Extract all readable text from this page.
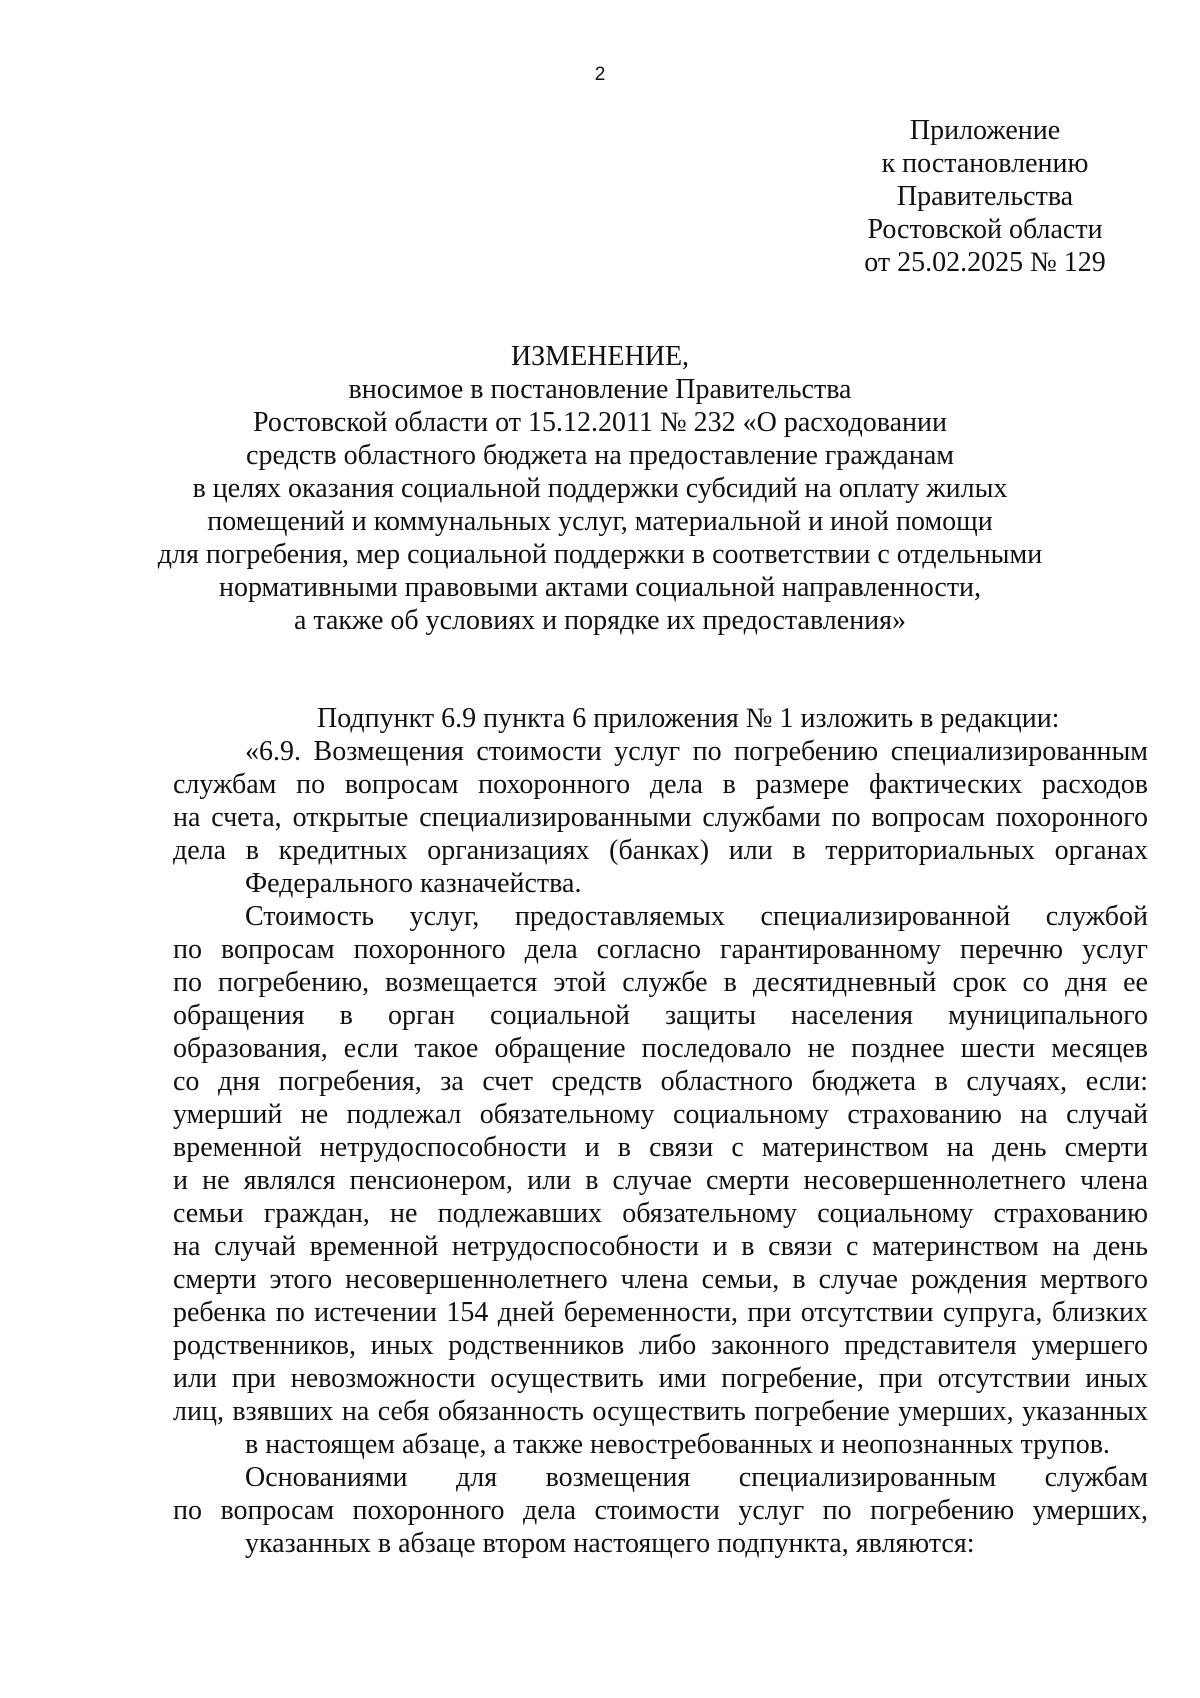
2
Приложение
к постановлению
Правительства
Ростовской области
от 25.02.2025 № 129
ИЗМЕНЕНИЕ,
вносимое в постановление Правительства
Ростовской области от 15.12.2011 № 232 «О расходовании
средств областного бюджета на предоставление гражданам
в целях оказания социальной поддержки субсидий на оплату жилых
помещений и коммунальных услуг, материальной и иной помощи
для погребения, мер социальной поддержки в соответствии с отдельными
нормативными правовыми актами социальной направленности,
а также об условиях и порядке их предоставления»
Подпункт 6.9 пункта 6 приложения № 1 изложить в редакции:
«6.9. Возмещения стоимости услуг по погребению специализированным
службам по вопросам похоронного дела в размере фактических расходов
на счета, открытые специализированными службами по вопросам похоронного
дела в кредитных организациях (банках) или в территориальных органах
Федерального казначейства.
Стоимость услуг, предоставляемых специализированной службой
по вопросам похоронного дела согласно гарантированному перечню услуг
по погребению, возмещается этой службе в десятидневный срок со дня ее
обращения в орган социальной защиты населения муниципального
образования, если такое обращение последовало не позднее шести месяцев
со дня погребения, за счет средств областного бюджета в случаях, если:
умерший не подлежал обязательному социальному страхованию на случай
временной нетрудоспособности и в связи с материнством на день смерти
и не являлся пенсионером, или в случае смерти несовершеннолетнего члена
семьи граждан, не подлежавших обязательному социальному страхованию
на случай временной нетрудоспособности и в связи с материнством на день
смерти этого несовершеннолетнего члена семьи, в случае рождения мертвого
ребенка по истечении 154 дней беременности, при отсутствии супруга, близких
родственников, иных родственников либо законного представителя умершего
или при невозможности осуществить ими погребение, при отсутствии иных
лиц, взявших на себя обязанность осуществить погребение умерших, указанных
в настоящем абзаце, а также невостребованных и неопознанных трупов.
Основаниями для возмещения специализированным службам
по вопросам похоронного дела стоимости услуг по погребению умерших,
указанных в абзаце втором настоящего подпункта, являются:
